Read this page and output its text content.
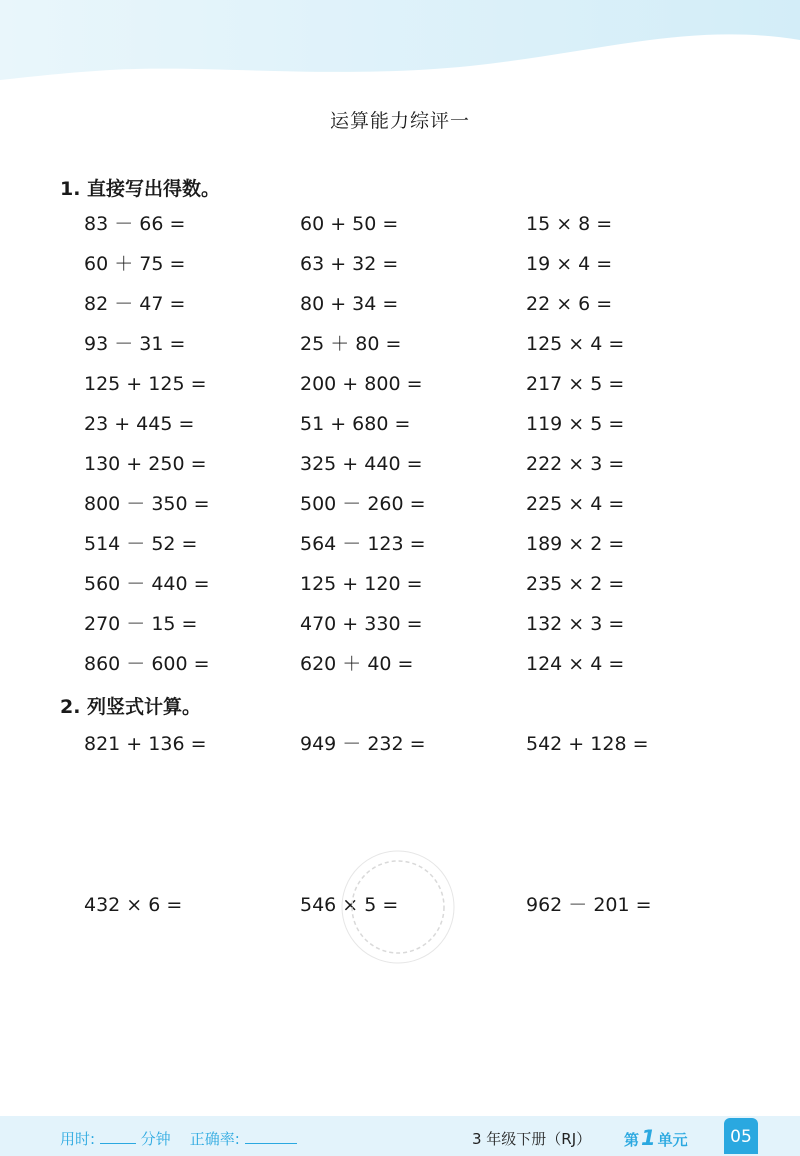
运算能力综评一
1. 直接写出得数。
83 － 66 =	60 + 50 =	15 × 8 =
60 ＋ 75 =	63 + 32 =	19 × 4 =
82 － 47 =	80 + 34 =	22 × 6 =
93 － 31 =	25 ＋ 80 =	125 × 4 =
125 + 125 =	200 + 800 =	217 × 5 =
23 + 445 =	51 + 680 =	119 × 5 =
130 + 250 =	325 + 440 =	222 × 3 =
800 － 350 =	500 － 260 =	225 × 4 =
514 － 52 =	564 － 123 =	189 × 2 =
560 － 440 =	125 + 120 =	235 × 2 =
270 － 15 =	470 + 330 =	132 × 3 =
860 － 600 =	620 ＋ 40 =	124 × 4 =
2. 列竖式计算。
821 + 136 =	949 － 232 =	542 + 128 =
432 × 6 =	546 × 5 =	962 － 201 =
用时:	分钟 正确率:	3 年级下册（RJ） 第1 单元	05
